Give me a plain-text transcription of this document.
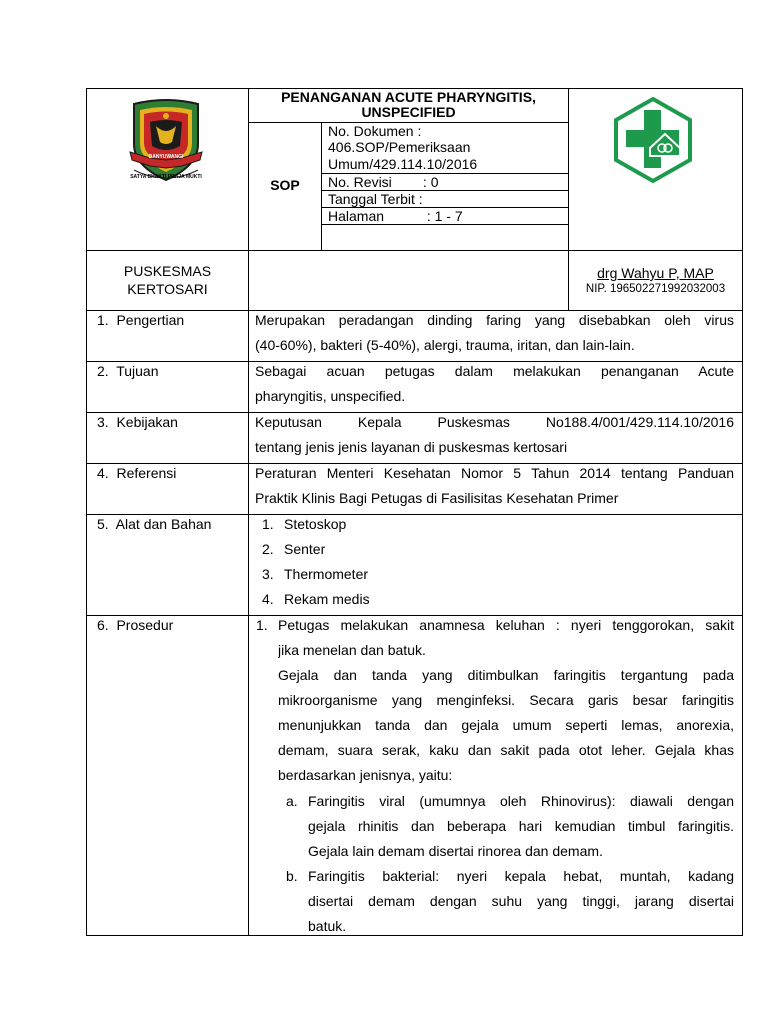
BANYUWANGI
SATYA BHAKTI PRAJA MUKTI
PENANGANAN ACUTE PHARYNGITIS,
UNSPECIFIED
SOP
No. Dokumen :
406.SOP/Pemeriksaan
Umum/429.114.10/2016
No. Revisi        : 0
Tanggal Terbit :
Halaman           : 1 - 7
PUSKESMAS
KERTOSARI
drg Wahyu P, MAP
NIP. 196502271992032003
1.  Pengertian	Merupakan peradangan dinding faring yang disebabkan oleh virus
(40-60%), bakteri (5-40%), alergi, trauma, iritan, dan lain-lain.
2.  Tujuan	Sebagai acuan petugas dalam melakukan penanganan Acute
pharyngitis, unspecified.
3.  Kebijakan	Keputusan Kepala Puskesmas No188.4/001/429.114.10/2016
tentang jenis jenis layanan di puskesmas kertosari
4.  Referensi	Peraturan Menteri Kesehatan Nomor 5 Tahun 2014 tentang Panduan
Praktik Klinis Bagi Petugas di Fasilisitas Kesehatan Primer
5.  Alat dan Bahan	1. Stetoskop
2. Senter
3. Thermometer
4. Rekam medis
6.  Prosedur	1. Petugas melakukan anamnesa keluhan : nyeri tenggorokan, sakit
jika menelan dan batuk.
Gejala dan tanda yang ditimbulkan faringitis tergantung pada
mikroorganisme yang menginfeksi. Secara garis besar faringitis
menunjukkan tanda dan gejala umum seperti lemas, anorexia,
demam, suara serak, kaku dan sakit pada otot leher. Gejala khas
berdasarkan jenisnya, yaitu:
a. Faringitis viral (umumnya oleh Rhinovirus): diawali dengan
gejala rhinitis dan beberapa hari kemudian timbul faringitis.
Gejala lain demam disertai rinorea dan demam.
b. Faringitis bakterial: nyeri kepala hebat, muntah, kadang
disertai demam dengan suhu yang tinggi, jarang disertai
batuk.
